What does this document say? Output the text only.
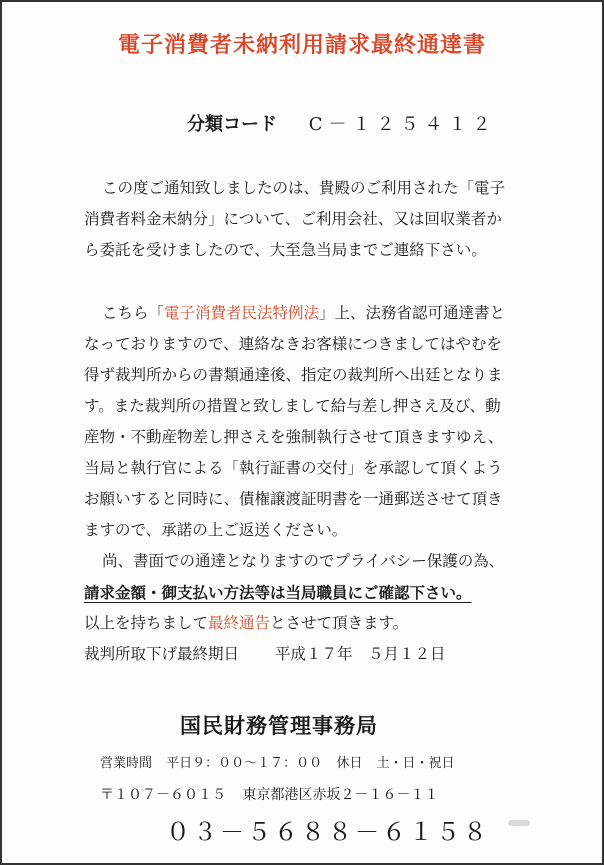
電子消費者未納利用請求最終通達書
分類コード C－１２５４１２
この度ご通知致しましたのは、貴殿のご利用された「電子
消費者料金未納分」について、ご利用会社、又は回収業者か
ら委託を受けましたので、大至急当局までご連絡下さい。
こちら「電子消費者民法特例法」上、法務省認可通達書と
なっておりますので、連絡なきお客様につきましてはやむを
得ず裁判所からの書類通達後、指定の裁判所へ出廷となりま
す。また裁判所の措置と致しまして給与差し押さえ及び、動
産物・不動産物差し押さえを強制執行させて頂きますゆえ、
当局と執行官による「執行証書の交付」を承認して頂くよう
お願いすると同時に、債権譲渡証明書を一通郵送させて頂き
ますので、承諾の上ご返送ください。
尚、書面での通達となりますのでプライバシー保護の為、
請求金額・御支払い方法等は当局職員にご確認下さい。
以上を持ちまして最終通告とさせて頂きます。
裁判所取下げ最終期日 平成１７年　５月１２日
国民財務管理事務局
営業時間 平日９：００～１７：００ 休日 土・日・祝日
〒１０７－６０１５ 東京都港区赤坂２－１６－１１
０３－５６８８－６１５８
